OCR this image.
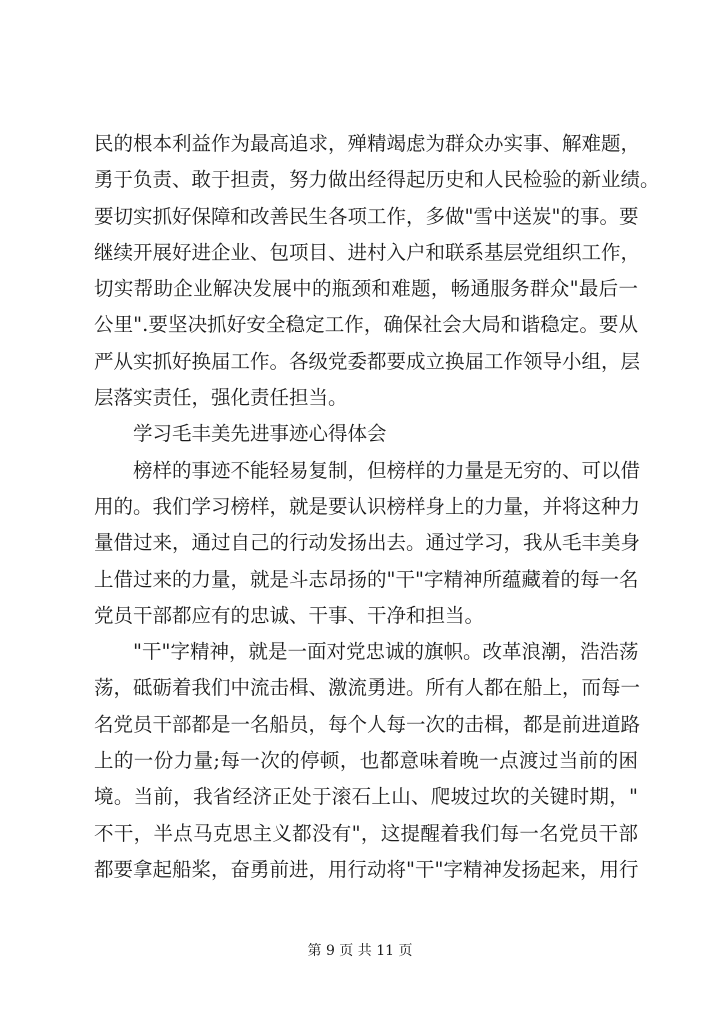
民的根本利益作为最高追求，殚精竭虑为群众办实事、解难题，
勇于负责、敢于担责，努力做出经得起历史和人民检验的新业绩。
要切实抓好保障和改善民生各项工作，多做"雪中送炭"的事。要
继续开展好进企业、包项目、进村入户和联系基层党组织工作，
切实帮助企业解决发展中的瓶颈和难题，畅通服务群众"最后一
公里".要坚决抓好安全稳定工作，确保社会大局和谐稳定。要从
严从实抓好换届工作。各级党委都要成立换届工作领导小组，层
层落实责任，强化责任担当。
　　学习毛丰美先进事迹心得体会
　　榜样的事迹不能轻易复制，但榜样的力量是无穷的、可以借
用的。我们学习榜样，就是要认识榜样身上的力量，并将这种力
量借过来，通过自己的行动发扬出去。通过学习，我从毛丰美身
上借过来的力量，就是斗志昂扬的"干"字精神所蕴藏着的每一名
党员干部都应有的忠诚、干事、干净和担当。
　　"干"字精神，就是一面对党忠诚的旗帜。改革浪潮，浩浩荡
荡，砥砺着我们中流击楫、激流勇进。所有人都在船上，而每一
名党员干部都是一名船员，每个人每一次的击楫，都是前进道路
上的一份力量;每一次的停顿，也都意味着晚一点渡过当前的困
境。当前，我省经济正处于滚石上山、爬坡过坎的关键时期，"
不干，半点马克思主义都没有"，这提醒着我们每一名党员干部
都要拿起船桨，奋勇前进，用行动将"干"字精神发扬起来，用行
第 9 页 共 11 页
